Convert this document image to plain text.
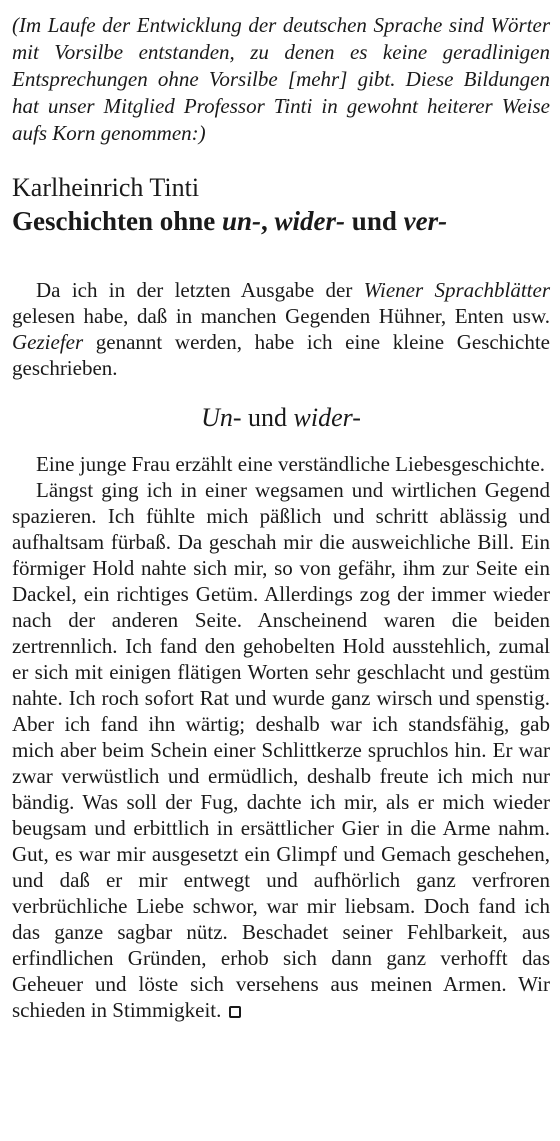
(Im Laufe der Entwicklung der deutschen Sprache sind Wörter mit Vorsilbe entstanden, zu denen es keine geradlinigen Entsprechungen ohne Vorsilbe [mehr] gibt. Diese Bildungen hat unser Mitglied Professor Tinti in gewohnt heiterer Weise aufs Korn genommen:)

Karlheinrich Tinti
Geschichten ohne un-, wider- und ver-

Da ich in der letzten Ausgabe der Wiener Sprachblätter gelesen habe, daß in manchen Gegenden Hühner, Enten usw. Geziefer genannt werden, habe ich eine kleine Geschichte geschrieben.

Un- und wider-

Eine junge Frau erzählt eine verständliche Liebesgeschichte.

Längst ging ich in einer wegsamen und wirtlichen Gegend spazieren. Ich fühlte mich päßlich und schritt ablässig und aufhaltsam fürbaß. Da geschah mir die ausweichliche Bill. Ein förmiger Hold nahte sich mir, so von gefähr, ihm zur Seite ein Dackel, ein richtiges Getüm. Allerdings zog der immer wieder nach der anderen Seite. Anscheinend waren die beiden zertrennlich. Ich fand den gehobelten Hold ausstehlich, zumal er sich mit einigen flätigen Worten sehr geschlacht und gestüm nahte. Ich roch sofort Rat und wurde ganz wirsch und spenstig. Aber ich fand ihn wärtig; deshalb war ich standsfähig, gab mich aber beim Schein einer Schlittkerze spruchlos hin. Er war zwar verwüstlich und ermüdlich, deshalb freute ich mich nur bändig. Was soll der Fug, dachte ich mir, als er mich wieder beugsam und erbittlich in ersättlicher Gier in die Arme nahm. Gut, es war mir ausgesetzt ein Glimpf und Gemach geschehen, und daß er mir entwegt und aufhörlich ganz verfroren verbrüchliche Liebe schwor, war mir liebsam. Doch fand ich das ganze sagbar nütz. Beschadet seiner Fehlbarkeit, aus erfindlichen Gründen, erhob sich dann ganz verhofft das Geheuer und löste sich versehens aus meinen Armen. Wir schieden in Stimmigkeit.
